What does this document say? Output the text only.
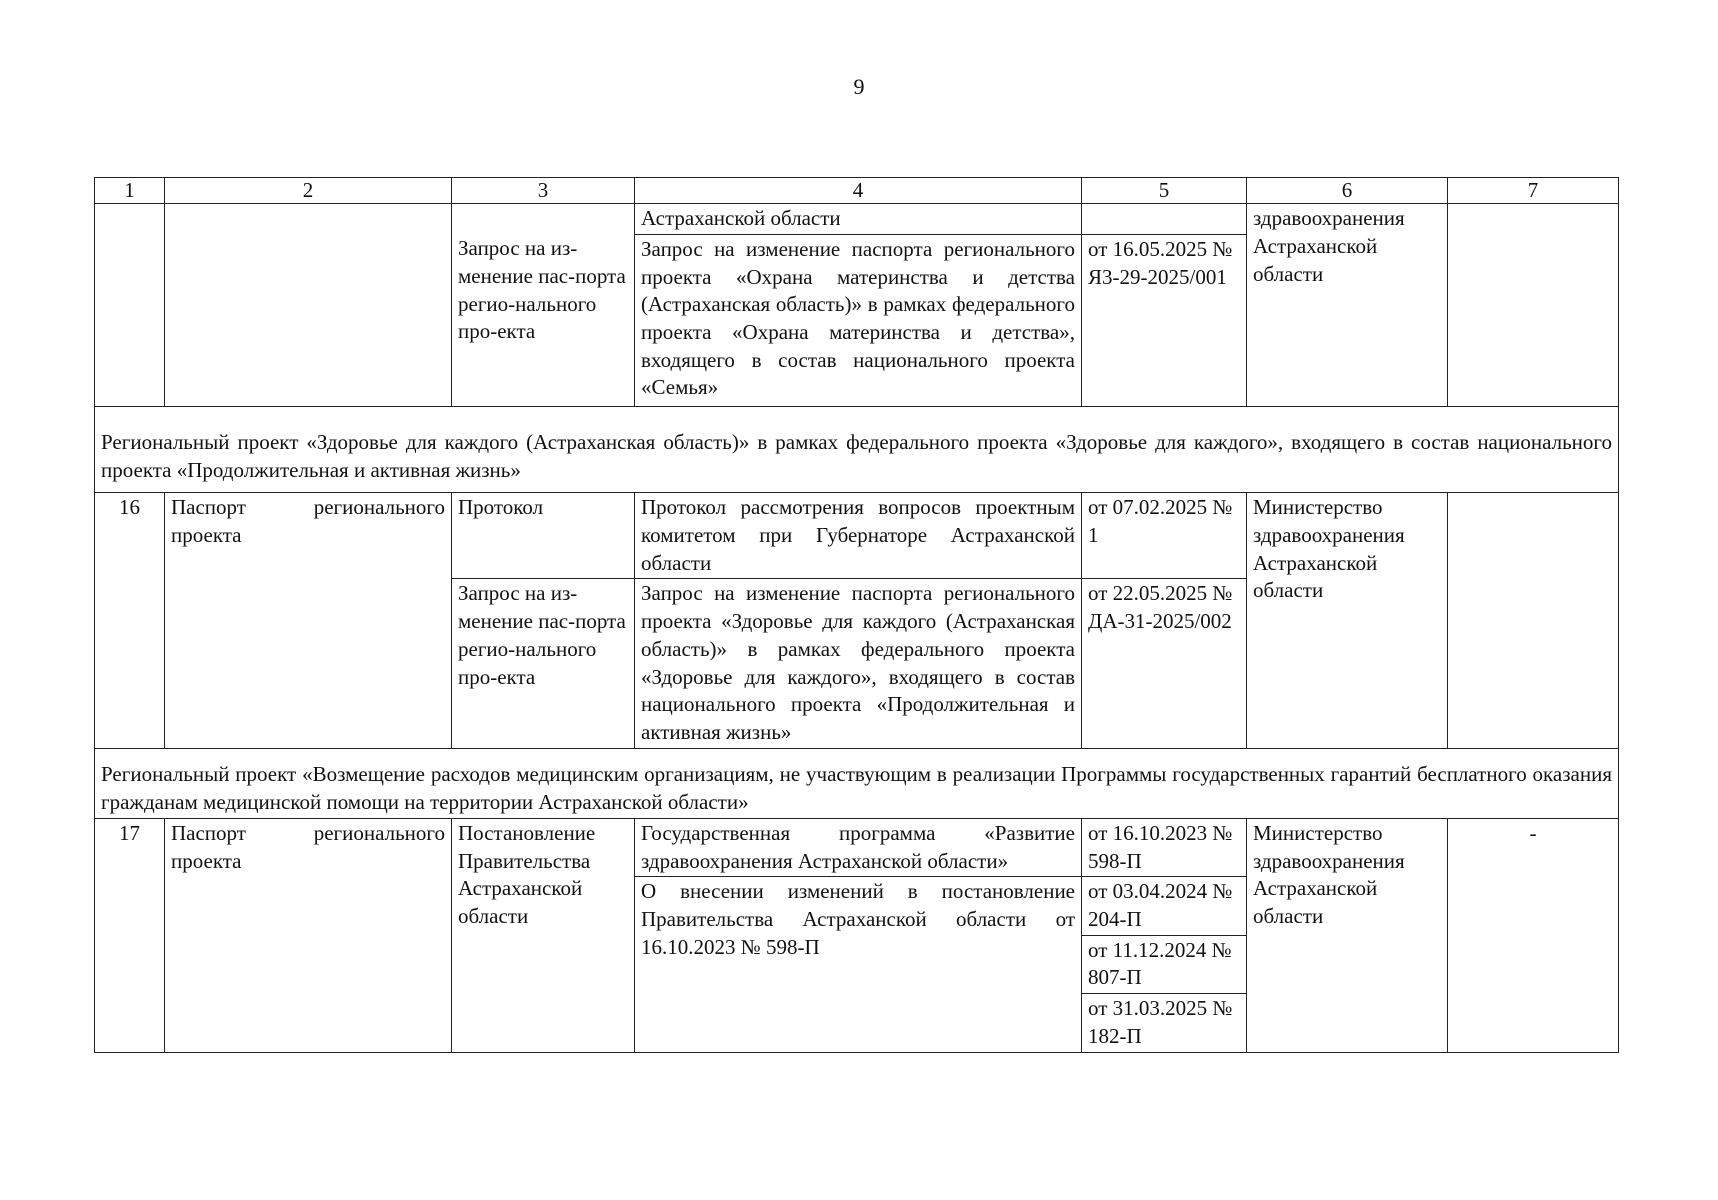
9
1	2	3	4	5	6	7
			Астраханской области		здравоохранения Астраханской области	
		Запрос на из-менение пас-порта регио-нального про-екта	Запрос на изменение паспорта регионального проекта «Охрана материнства и детства (Астраханская область)» в рамках федерального проекта «Охрана материнства и детства», входящего в состав национального проекта «Семья»	от 16.05.2025 № Я3-29-2025/001		
Региональный проект «Здоровье для каждого (Астраханская область)» в рамках федерального проекта «Здоровье для каждого», входящего в состав национального проекта «Продолжительная и активная жизнь»						
16	Паспорт регионального проекта	Протокол	Протокол рассмотрения вопросов проектным комитетом при Губернаторе Астраханской области	от 07.02.2025 № 1	Министерство здравоохранения Астраханской области	
		Запрос на из-менение пас-порта регио-нального про-екта	Запрос на изменение паспорта регионального проекта «Здоровье для каждого (Астраханская область)» в рамках федерального проекта «Здоровье для каждого», входящего в состав национального проекта «Продолжительная и активная жизнь»	от 22.05.2025 № ДА-31-2025/002		
Региональный проект «Возмещение расходов медицинским организациям, не участвующим в реализации Программы государственных гарантий бесплатного оказания гражданам медицинской помощи на территории Астраханской области»						
17	Паспорт регионального проекта	Постановление Правительства Астраханской области	Государственная программа «Развитие здравоохранения Астраханской области»	от 16.10.2023 № 598-П	Министерство здравоохранения Астраханской области	-
			О внесении изменений в постановление Правительства Астраханской области от 16.10.2023 № 598-П	от 03.04.2024 № 204-П		
				от 11.12.2024 № 807-П		
				от 31.03.2025 № 182-П		
